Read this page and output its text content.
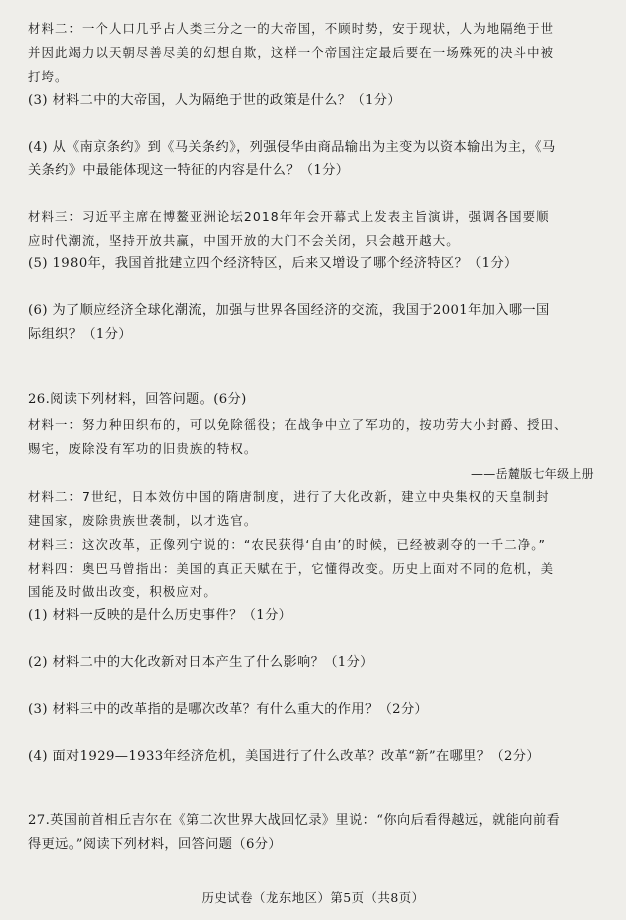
材料二：一个人口几乎占人类三分之一的大帝国，不顾时势，安于现状，人为地隔绝于世
并因此竭力以天朝尽善尽美的幻想自欺，这样一个帝国注定最后要在一场殊死的决斗中被
打垮。
(3) 材料二中的大帝国，人为隔绝于世的政策是什么？（1分）
(4) 从《南京条约》到《马关条约》，列强侵华由商品输出为主变为以资本输出为主，《马
关条约》中最能体现这一特征的内容是什么？（1分）
材料三：习近平主席在博鳌亚洲论坛2018年年会开幕式上发表主旨演讲，强调各国要顺
应时代潮流，坚持开放共赢，中国开放的大门不会关闭，只会越开越大。
(5) 1980年，我国首批建立四个经济特区，后来又增设了哪个经济特区？（1分）
(6) 为了顺应经济全球化潮流，加强与世界各国经济的交流，我国于2001年加入哪一国
际组织？（1分）
26.阅读下列材料，回答问题。(6分)
材料一：努力种田织布的，可以免除徭役；在战争中立了军功的，按功劳大小封爵、授田、
赐宅，废除没有军功的旧贵族的特权。
——岳麓版七年级上册
材料二：7世纪，日本效仿中国的隋唐制度，进行了大化改新，建立中央集权的天皇制封
建国家，废除贵族世袭制，以才选官。
材料三：这次改革，正像列宁说的：“农民获得‘自由’的时候，已经被剥夺的一千二净。”
材料四：奥巴马曾指出：美国的真正天赋在于，它懂得改变。历史上面对不同的危机，美
国能及时做出改变，积极应对。
(1) 材料一反映的是什么历史事件？（1分）
(2) 材料二中的大化改新对日本产生了什么影响？（1分）
(3) 材料三中的改革指的是哪次改革？有什么重大的作用？（2分）
(4) 面对1929—1933年经济危机，美国进行了什么改革？改革“新”在哪里？（2分）
27.英国前首相丘吉尔在《第二次世界大战回忆录》里说：“你向后看得越远，就能向前看
得更远。”阅读下列材料，回答问题（6分）
历史试卷（龙东地区）第5页（共8页）
